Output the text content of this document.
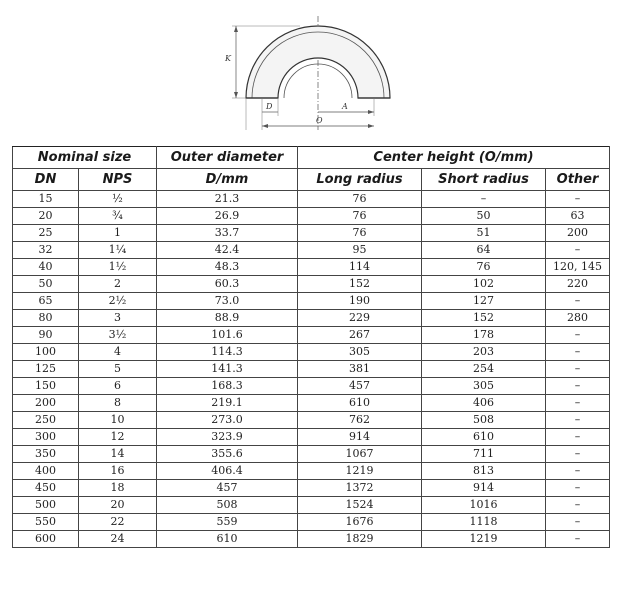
K
D	A
O
Nominal size		Outer diameter	Center height (O/mm)		
DN	NPS	D/mm	Long radius	Short radius	Other
15	½	21.3	76	–	–
20	¾	26.9	76	50	63
25	1	33.7	76	51	200
32	1¼	42.4	95	64	–
40	1½	48.3	114	76	120, 145
50	2	60.3	152	102	220
65	2½	73.0	190	127	–
80	3	88.9	229	152	280
90	3½	101.6	267	178	–
100	4	114.3	305	203	–
125	5	141.3	381	254	–
150	6	168.3	457	305	–
200	8	219.1	610	406	–
250	10	273.0	762	508	–
300	12	323.9	914	610	–
350	14	355.6	1067	711	–
400	16	406.4	1219	813	–
450	18	457	1372	914	–
500	20	508	1524	1016	–
550	22	559	1676	1118	–
600	24	610	1829	1219	–
